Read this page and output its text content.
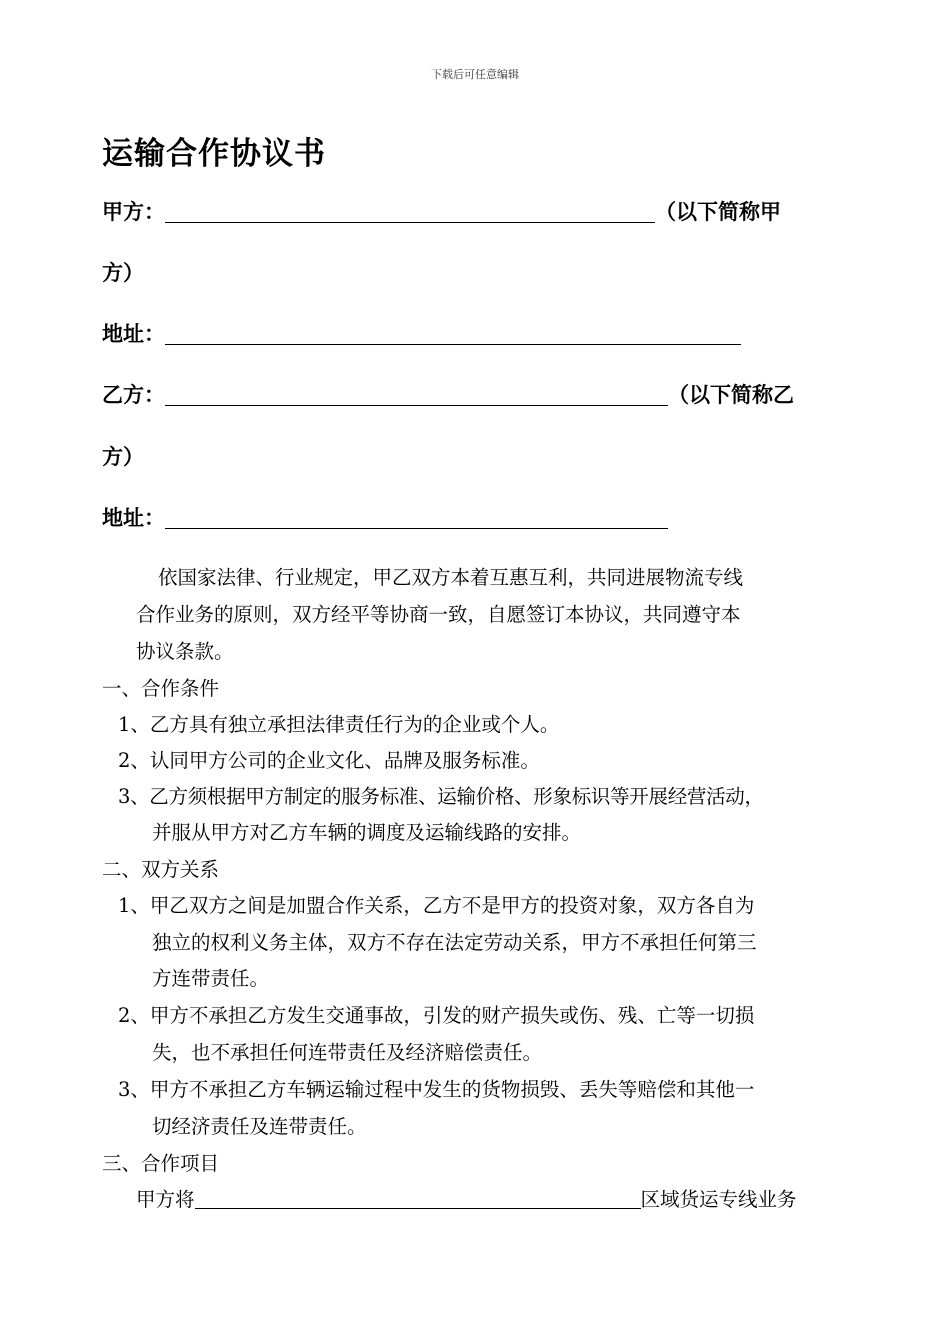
下载后可任意编辑
运输合作协议书
甲方：	（以下简称甲
方）
地址：
乙方：	（以下简称乙
方）
地址：
依国家法律、行业规定，甲乙双方本着互惠互利，共同进展物流专线
合作业务的原则，双方经平等协商一致，自愿签订本协议，共同遵守本
协议条款。
一、合作条件
1、乙方具有独立承担法律责任行为的企业或个人。
2、认同甲方公司的企业文化、品牌及服务标准。
3、乙方须根据甲方制定的服务标准、运输价格、形象标识等开展经营活动，
并服从甲方对乙方车辆的调度及运输线路的安排。
二、双方关系
1、甲乙双方之间是加盟合作关系，乙方不是甲方的投资对象，双方各自为
独立的权利义务主体，双方不存在法定劳动关系，甲方不承担任何第三
方连带责任。
2、甲方不承担乙方发生交通事故，引发的财产损失或伤、残、亡等一切损
失，也不承担任何连带责任及经济赔偿责任。
3、甲方不承担乙方车辆运输过程中发生的货物损毁、丢失等赔偿和其他一
切经济责任及连带责任。
三、合作项目
甲方将	区域货运专线业务
